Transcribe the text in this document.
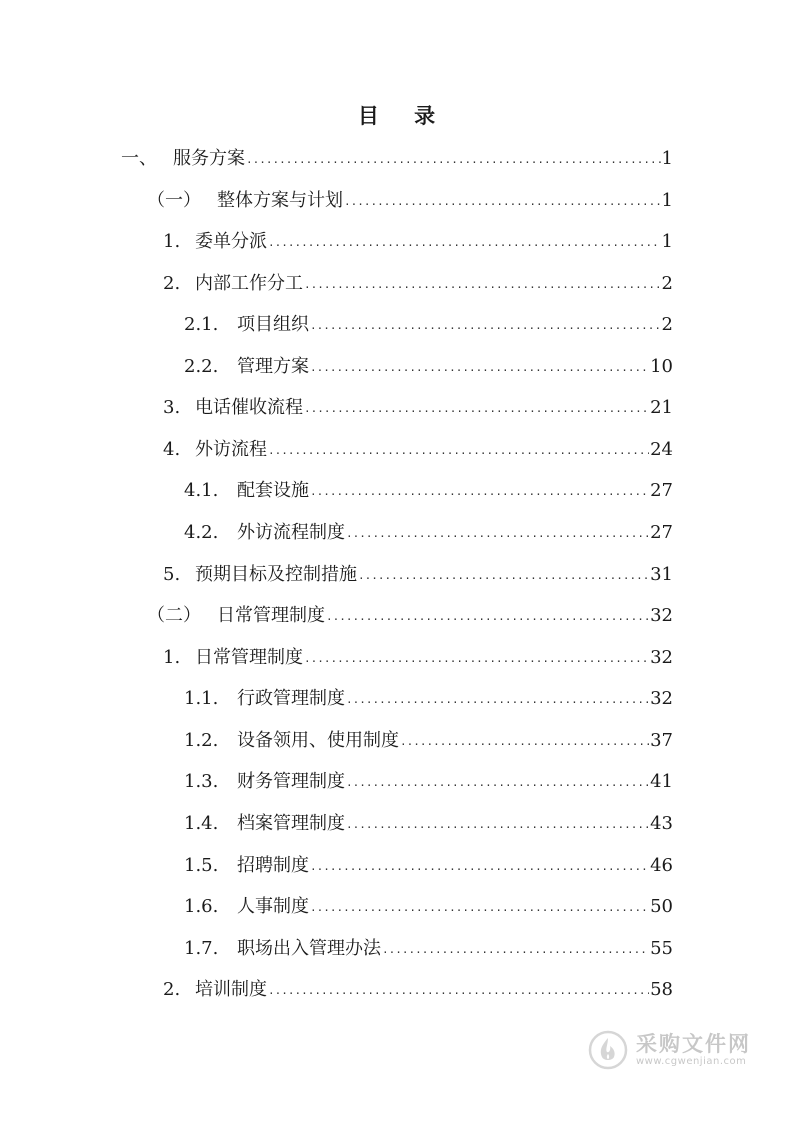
目 录
一、 服务方案 .....	1
（一） 整体方案与计划 .....	1
1. 委单分派 .....	1
2. 内部工作分工 .....	2
2.1.	项目组织 .....	2
2.2.	管理方案 .....	10
3. 电话催收流程 .....	21
4. 外访流程 .....	24
4.1.	配套设施 .....	27
4.2.	外访流程制度 .....	27
5. 预期目标及控制措施 .....	31
（二） 日常管理制度 .....	32
1. 日常管理制度 .....	32
1.1.	行政管理制度 .....	32
1.2.	设备领用、使用制度 .....	37
1.3.	财务管理制度 .....	41
1.4.	档案管理制度 .....	43
1.5.	招聘制度 .....	46
1.6.	人事制度 .....	50
1.7.	职场出入管理办法 .....	55
2. 培训制度 .....	58
采购文件网
www.cgwenjian.com
